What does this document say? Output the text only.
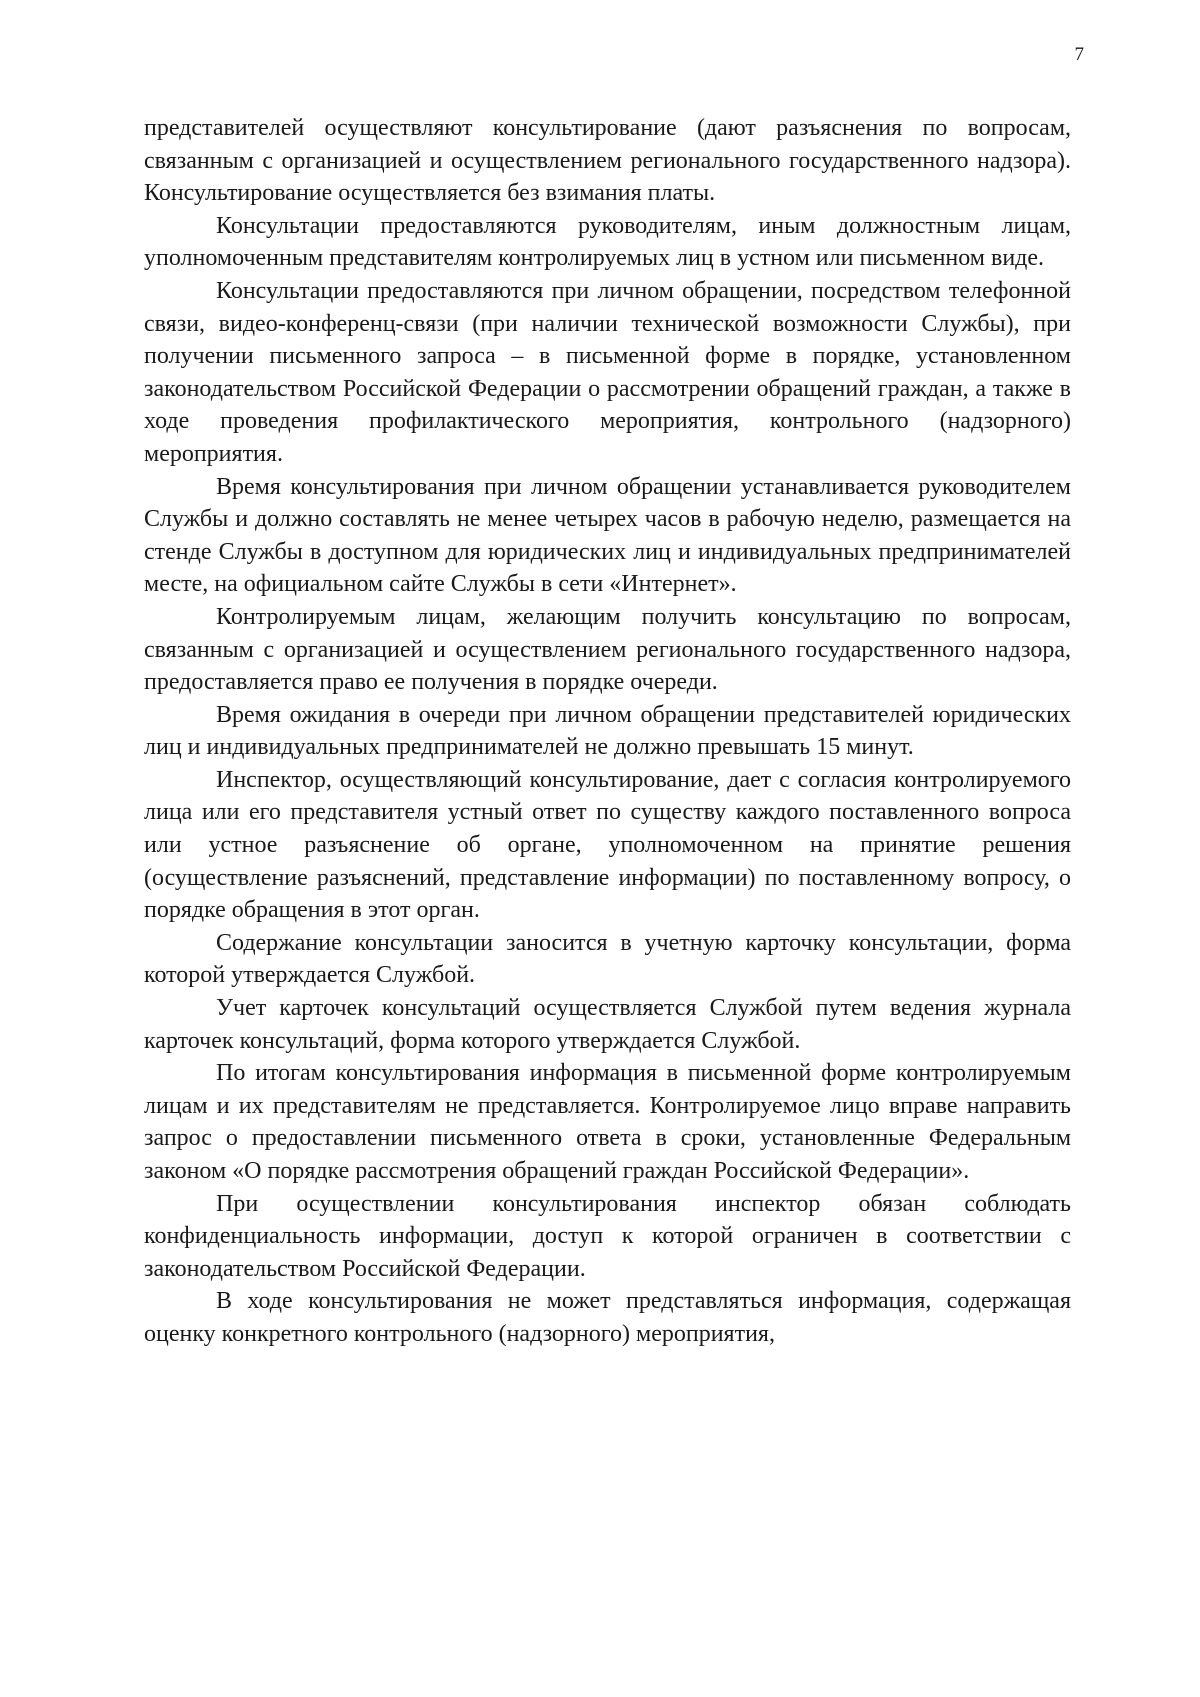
7

представителей осуществляют консультирование (дают разъяснения по вопросам, связанным с организацией и осуществлением регионального государственного надзора). Консультирование осуществляется без взимания платы.

Консультации предоставляются руководителям, иным должностным лицам, уполномоченным представителям контролируемых лиц в устном или письменном виде.

Консультации предоставляются при личном обращении, посредством телефонной связи, видео-конференц-связи (при наличии технической возможности Службы), при получении письменного запроса – в письменной форме в порядке, установленном законодательством Российской Федерации о рассмотрении обращений граждан, а также в ходе проведения профилактического мероприятия, контрольного (надзорного) мероприятия.

Время консультирования при личном обращении устанавливается руководителем Службы и должно составлять не менее четырех часов в рабочую неделю, размещается на стенде Службы в доступном для юридических лиц и индивидуальных предпринимателей месте, на официальном сайте Службы в сети «Интернет».

Контролируемым лицам, желающим получить консультацию по вопросам, связанным с организацией и осуществлением регионального государственного надзора, предоставляется право ее получения в порядке очереди.

Время ожидания в очереди при личном обращении представителей юридических лиц и индивидуальных предпринимателей не должно превышать 15 минут.

Инспектор, осуществляющий консультирование, дает с согласия контролируемого лица или его представителя устный ответ по существу каждого поставленного вопроса или устное разъяснение об органе, уполномоченном на принятие решения (осуществление разъяснений, представление информации) по поставленному вопросу, о порядке обращения в этот орган.

Содержание консультации заносится в учетную карточку консультации, форма которой утверждается Службой.

Учет карточек консультаций осуществляется Службой путем ведения журнала карточек консультаций, форма которого утверждается Службой.

По итогам консультирования информация в письменной форме контролируемым лицам и их представителям не представляется. Контролируемое лицо вправе направить запрос о предоставлении письменного ответа в сроки, установленные Федеральным законом «О порядке рассмотрения обращений граждан Российской Федерации».

При осуществлении консультирования инспектор обязан соблюдать конфиденциальность информации, доступ к которой ограничен в соответствии с законодательством Российской Федерации.

В ходе консультирования не может представляться информация, содержащая оценку конкретного контрольного (надзорного) мероприятия,
